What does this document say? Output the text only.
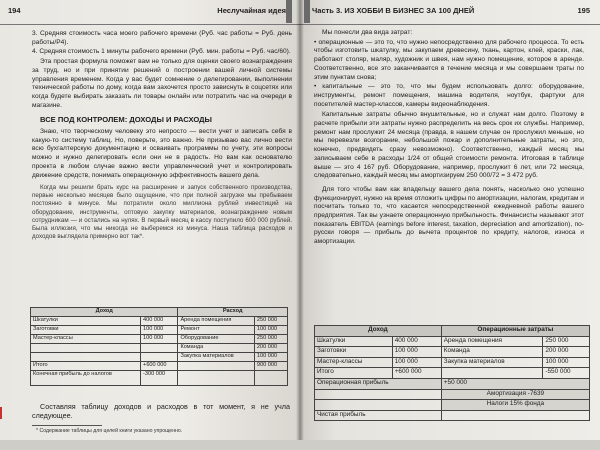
194	Неслучайная идея

3. Средняя стоимость часа моего рабочего времени (Руб. час работы = Руб. день работы/Р4).

4. Средняя стоимость 1 минуты рабочего времени (Руб. мин. работы = Руб. час/60).

Эта простая формула поможет вам не только для оценки своего вознаграждения за труд, но и при принятии решений о построении вашей личной системы управления временем. Когда у вас будет сомнение о делегировании, выполнении технической работы по дому, когда вам захочется просто зависнуть в соцсетях или когда будете выбирать заказать ли товары онлайн или потратить час на очереди в магазине.

ВСЕ ПОД КОНТРОЛЕМ: ДОХОДЫ И РАСХОДЫ

Знаю, что творческому человеку это непросто — вести учет и записать себя в какую-то систему таблиц. Но, поверьте, это важно. Не призываю вас лично вести всю бухгалтерскую документацию и осваивать программы по учету, эти вопросы можно и нужно делегировать если они не в радость. Но вам как основателю проекта в любом случае важно вести управленческий учет и контролировать движение средств, понимать операционную эффективность вашего дела.

Когда мы решили брать курс на расширение и запуск собственного производства, первые несколько месяцев было ощущение, что при полной загрузке мы пребываем постоянно в минусе. Мы потратили около миллиона рублей инвестиций на оборудование, инструменты, оптовую закупку материалов, вознаграждение новым сотрудникам — и остались на нулях. В первый месяц в кассу поступило 600 000 рублей. Была иллюзия, что мы никогда не выберемся из минуса. Наша таблица расходов и доходов выглядела примерно вот так*.

Доход		Расход	
Шкатулки	400 000	Аренда помещения	250 000
Заготовки	100 000	Ремонт	100 000
Мастер-классы	100 000	Оборудование	250 000
		Команда	200 000
		Закупка материалов	100 000
Итого	+600 000		900 000
Конечная прибыль до налогов	-300 000		

Составляя таблицу доходов и расходов в тот момент, я не учла следующее.

* Содержание таблицы для целей книги указано упрощенно.
Часть 3. ИЗ ХОББИ В БИЗНЕС ЗА 100 ДНЕЙ	195

Мы понесли два вида затрат:

• операционные — это то, что нужно непосредственно для рабочего процесса. То есть чтобы изготовить шкатулку, мы закупаем древесину, ткань, картон, клей, краски, лак, работают столяр, маляр, художник и швея, нам нужно помещение, которое в аренде. Соответственно, все это заканчивается в течение месяца и мы совершаем траты по этим пунктам снова;

• капитальные — это то, что мы будем использовать долго: оборудование, инструменты, ремонт помещения, машина водителя, ноутбук, фартуки для посетителей мастер-классов, камеры видеонаблюдения.

Капитальные затраты обычно внушительные, но и служат нам долго. Поэтому в расчете прибыли эти затраты нужно распределить на весь срок их службы. Например, ремонт нам прослужит 24 месяца (правда, в нашем случае он прослужил меньше, но мы перевезли возгорание, небольшой пожар и дополнительные затраты, но это, конечно, предвидеть сразу невозможно). Соответственно, каждый месяц мы записываем себе в расходы 1/24 от общей стоимости ремонта. Итоговая в таблице выше — это 4 167 руб. Оборудование, например, прослужит 6 лет, или 72 месяца, следовательно, каждый месяц мы амортизируем 250 000/72 = 3 472 руб.

Для того чтобы вам как владельцу вашего дела понять, насколько оно успешно функционирует, нужно на время отложить цифры по амортизации, налогам, кредитам и посчитать только то, что касается непосредственной ежедневной работы вашего предприятия. Так вы узнаете операционную прибыльность. Финансисты называют этот показатель EBITDA (earnings before interest, taxation, depreciation and amortization), по-русски говоря — прибыль до вычета процентов по кредиту, налогов, износа и амортизации.

Доход		Операционные затраты	
Шкатулки	400 000	Аренда помещения	250 000
Заготовки	100 000	Команда	200 000
Мастер-классы	100 000	Закупка материалов	100 000
Итого	+600 000		-550 000
Операционная прибыль		+50 000	
		Амортизация -7639	
		Налоги 15% фонда	
Чистая прибыль			
